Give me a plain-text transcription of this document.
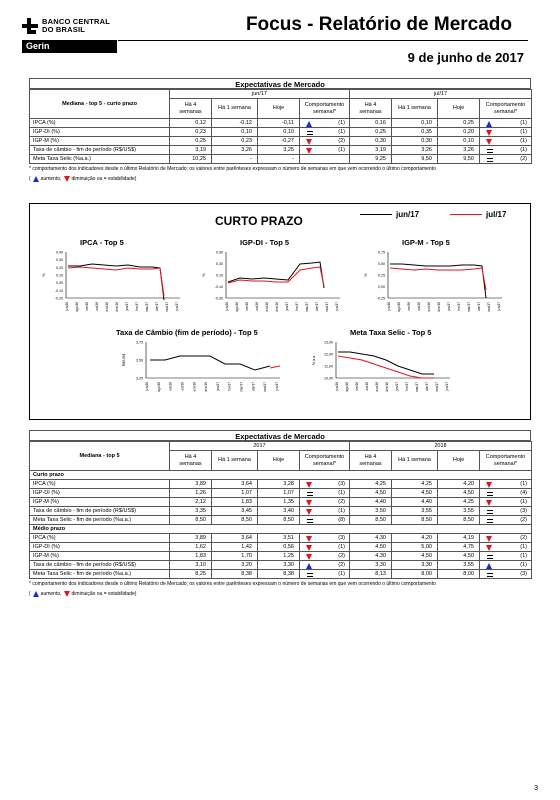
BANCO CENTRAL
DO BRASIL
Gerin
Focus - Relatório de Mercado
9 de junho de 2017
Expectativas de Mercado
Mediana - top 5 - curto prazo	jun/17				jul/17			
	Há 4 semanas	Há 1 semana	Hoje	Comportamento semanal*	Há 4 semanas	Há 1 semana	Hoje	Comportamento semanal*
IPCA (%)	0,12	-0,12	-0,11	(1)	0,16	0,10	0,25	(1)
IGP-DI (%)	0,23	0,10	0,10	(1)	0,25	0,35	0,20	(1)
IGP-M (%)	0,25	0,23	-0,27	(2)	0,30	0,30	0,10	(1)
Taxa de câmbio - fim de período (R$/US$)	3,19	3,26	3,25	(1)	3,19	3,26	3,26	(1)
Meta Taxa Selic (%a.a.)	10,25	-	-		9,25	9,50	9,50	(2)
* comportamento dos indicadores desde o último Relatório de Mercado; os valores entre parênteses expressam o número de semanas em que vem ocorrendo o último comportamento
( aumento, diminuição ou
= estabilidade)
CURTO PRAZO	jun/17	jul/17
IPCA - Top 5
0,40
0,30
0,20
0,10
0,00
-0,10
-0,20
%
jun/16 ago/16 set/16 out/16 nov/16 dez/16 jan/17 fev/17 mar/17 abr/17 mai/17 jun/17
IGP-DI - Top 5
0,50
0,30
0,10
-0,10
-0,30
%
jun/16 ago/16 set/16 out/16 nov/16 dez/16 jan/17 fev/17 mar/17 abr/17 mai/17 jun/17
IGP-M - Top 5
0,75
0,50
0,25
0,00
-0,25
%
jun/16 ago/16 set/16 out/16 nov/16 dez/16 jan/17 fev/17 mar/17 abr/17 mai/17 jun/17
Taxa de Câmbio (fim de período) - Top 5
3,75
3,50
3,25
R$/US$
jun/16 ago/16 set/16 out/16 nov/16 dez/16 jan/17 fev/17 mar/17 abr/17 mai/17 jun/17
Meta Taxa Selic - Top 5
13,00
12,00
11,00
10,00
% a.a.
jun/16 ago/16 set/16 out/16 nov/16 dez/16 jan/17 fev/17 mar/17 abr/17 mai/17 jun/17
Expectativas de Mercado
Mediana - top 5	2017				2018			
	Há 4 semanas	Há 1 semana	Hoje	Comportamento semanal*	Há 4 semanas	Há 1 semana	Hoje	Comportamento semanal*
Curto prazo								
IPCA (%)	3,89	3,64	3,28	(3)	4,25	4,25	4,20	(1)
IGP-DI (%)	1,26	1,07	1,07	(1)	4,50	4,50	4,50	(4)
IGP-M (%)	2,12	1,83	1,35	(2)	4,40	4,40	4,25	(1)
Taxa de câmbio - fim de período (R$/US$)	3,35	3,45	3,40	(1)	3,50	3,55	3,55	(3)
Meta Taxa Selic - fim de período (%a.a.)	8,50	8,50	8,50	(8)	8,50	8,50	8,50	(2)
Médio prazo								
IPCA (%)	3,89	3,64	3,51	(3)	4,30	4,20	4,19	(2)
IGP-DI (%)	1,62	1,42	0,56	(1)	4,50	5,00	4,75	(1)
IGP-M (%)	1,83	1,70	1,25	(2)	4,30	4,50	4,50	(1)
Taxa de câmbio - fim de período (R$/US$)	3,10	3,20	3,30	(2)	3,30	3,30	3,55	(1)
Meta Taxa Selic - fim de período (%a.a.)	8,25	8,38	8,38	(1)	8,13	8,00	8,00	(3)
* comportamento dos indicadores desde o último Relatório de Mercado; os valores entre parênteses expressam o número de semanas em que vem ocorrendo o último comportamento
( aumento, diminuição ou
= estabilidade)
3
